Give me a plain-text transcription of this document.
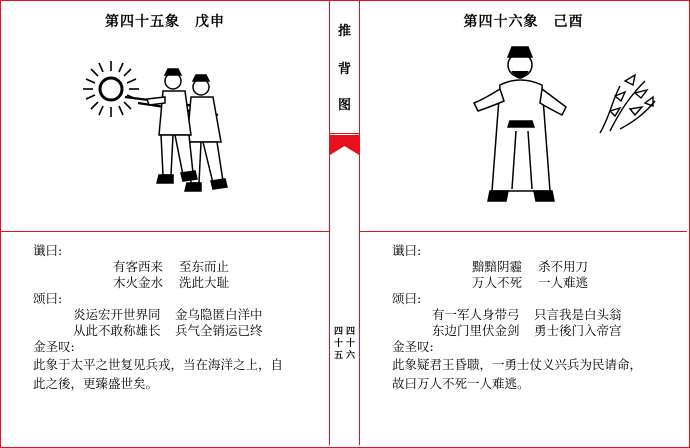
推
背
图
四
十
五
四
十
六
第四十五象　戊申
谶曰:
有客西来	至东而止
木火金水	洗此大耻
颂曰:
炎运宏开世界同	金乌隐匿白洋中
从此不敢称雄长	兵气全销运已终
金圣叹:
此象于太平之世复见兵戎，当在海洋之上，自此之後，更臻盛世矣。
第四十六象　己酉
谶曰:
黯黯阴霾	杀不用刀
万人不死	一人难逃
颂曰:
有一军人身带弓	只言我是白头翁
东边门里伏金剑	勇士後门入帝宫
金圣叹:
此象疑君王昏聩，一勇士仗义兴兵为民请命，故曰万人不死一人难逃。
